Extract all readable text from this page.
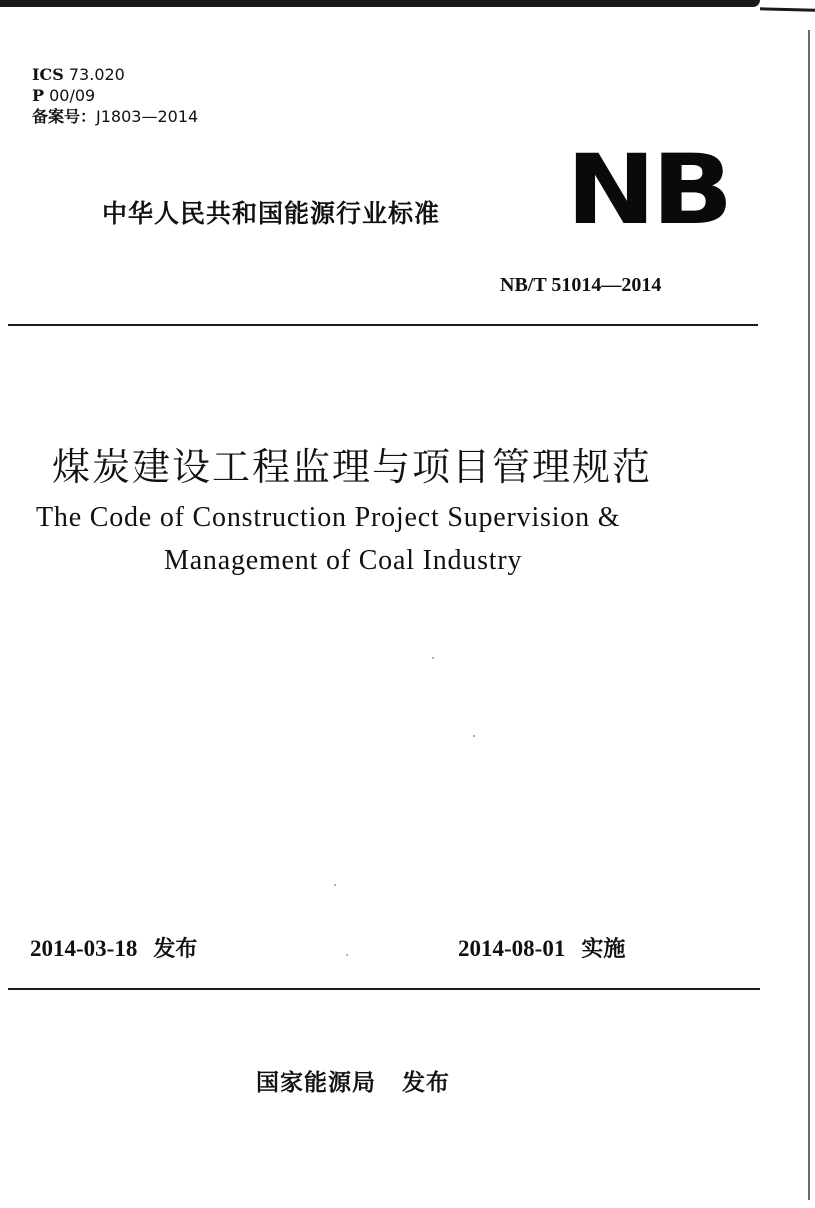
ICS 73.020
P 00/09
备案号：J1803—2014
中华人民共和国能源行业标准 NB
NB/T 51014—2014
煤炭建设工程监理与项目管理规范
The Code of Construction Project Supervision &
Management of Coal Industry
2014-03-18 发布	2014-08-01 实施
国家能源局 发布
